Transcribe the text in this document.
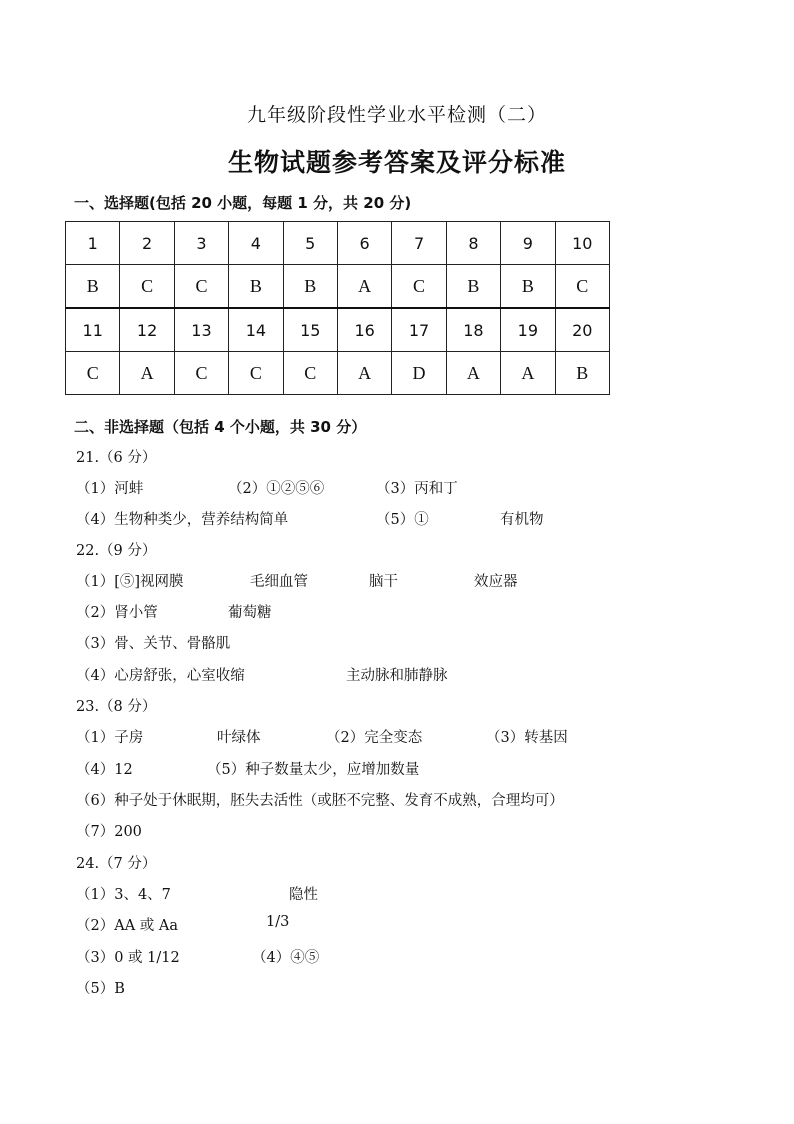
九年级阶段性学业水平检测（二）
生物试题参考答案及评分标准
一、选择题(包括 20 小题，每题 1 分，共 20 分)
1	2	3	4	5	6	7	8	9	10
B	C	C	B	B	A	C	B	B	C
11	12	13	14	15	16	17	18	19	20
C	A	C	C	C	A	D	A	A	B
二、非选择题（包括 4 个小题，共 30 分）
21.（6 分）
（1）河蚌	（2）①②⑤⑥	（3）丙和丁
（4）生物种类少，营养结构简单	（5）①	有机物
22.（9 分）
（1）[⑤]视网膜	毛细血管	脑干	效应器
（2）肾小管	葡萄糖
（3）骨、关节、骨骼肌
（4）心房舒张，心室收缩	主动脉和肺静脉
23.（8 分）
（1）子房	叶绿体	（2）完全变态	（3）转基因
（4）12	（5）种子数量太少，应增加数量
（6）种子处于休眠期，胚失去活性（或胚不完整、发育不成熟，合理均可）
（7）200
24.（7 分）
（1）3、4、7	隐性
（2）AA 或 Aa	1/3
（3）0 或 1/12	（4）④⑤
（5）B
